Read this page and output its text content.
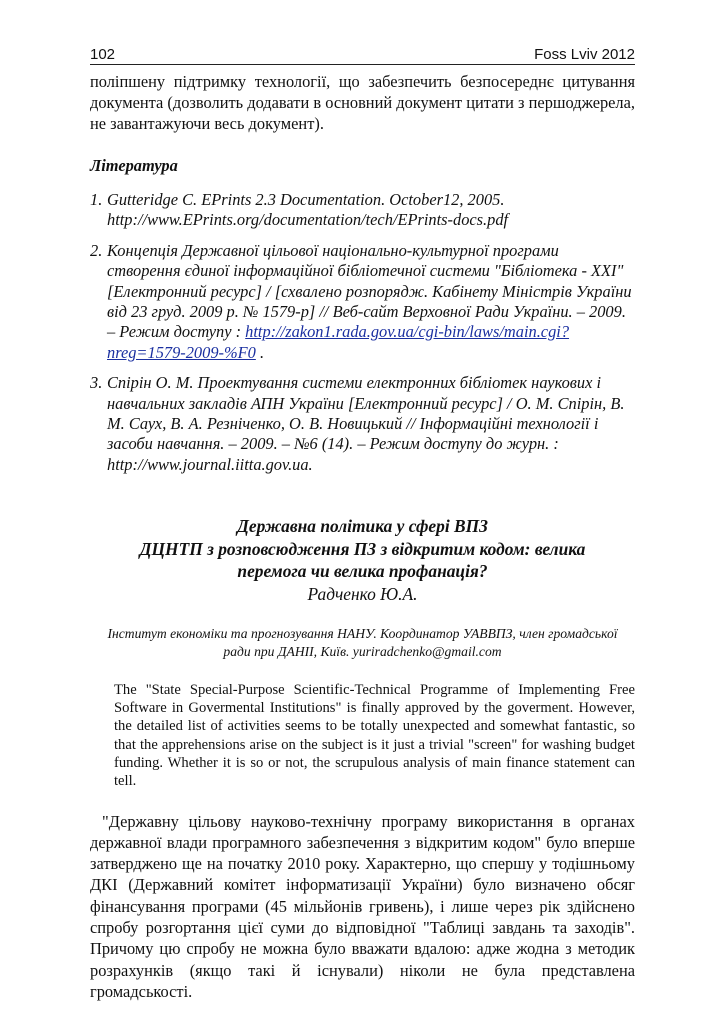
102	Foss Lviv 2012

поліпшену підтримку технології, що забезпечить безпосереднє цитування документа (дозволить додавати в основний документ цитати з першоджерела, не завантажуючи весь документ).

Література
1. Gutteridge C. EPrints 2.3 Documentation. October12, 2005. http://www.EPrints.org/documentation/tech/EPrints-docs.pdf
2. Концепція Державної цільової національно-культурної програми створення єдиної інформаційної бібліотечної системи "Бібліотека - XXI" [Електронний ресурс] / [схвалено розпорядж. Кабінету Міністрів України від 23 груд. 2009 р. № 1579-р] // Веб-сайт Верховної Ради України. – 2009. – Режим доступу : http://zakon1.rada.gov.ua/cgi-bin/laws/main.cgi?nreg=1579-2009-%F0 .
3. Спірін О. М. Проектування системи електронних бібліотек наукових і навчальних закладів АПН України [Електронний ресурс] / О. М. Спірін, В. М. Саух, В. А. Резніченко, О. В. Новицький // Інформаційні технології і засоби навчання. – 2009. – №6 (14). – Режим доступу до журн. : http://www.journal.iitta.gov.ua.
Державна політика у сфері ВПЗ
ДЦНТП з розповсюдження ПЗ з відкритим кодом: велика
перемога чи велика профанація?
Радченко Ю.А.
Інститут економіки та прогнозування НАНУ. Координатор УАВВПЗ, член громадської ради при ДАНІІ, Київ. yuriradchenko@gmail.com

The "State Special-Purpose Scientific-Technical Programme of Implementing Free Software in Govermental Institutions" is finally approved by the goverment. However, the detailed list of activities seems to be totally unexpected and somewhat fantastic, so that the apprehensions arise on the subject is it just a trivial "screen" for washing budget funding. Whether it is so or not, the scrupulous analysis of main finance statement can tell.

"Державну цільову науково-технічну програму використання в органах державної влади програмного забезпечення з відкритим кодом" було вперше затверджено ще на початку 2010 року. Характерно, що спершу у тодішньому ДКІ (Державний комітет інформатизації України) було визначено обсяг фінансування програми (45 мільйонів гривень), і лише через рік здійснено спробу розгортання цієї суми до відповідної "Таблиці завдань та заходів". Причому цю спробу не можна було вважати вдалою: адже жодна з методик розрахунків (якщо такі й існували) ніколи не була представлена громадськості.
